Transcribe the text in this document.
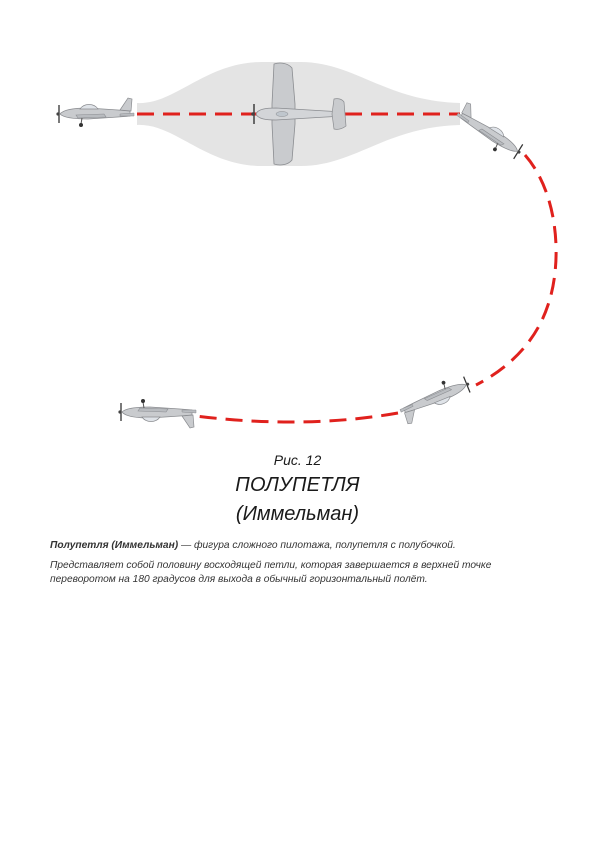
Рис. 12
ПОЛУПЕТЛЯ
(Иммельман)
Полупетля (Иммельман) — фигура сложного пилотажа, полупетля с полубочкой.
Представляет собой половину восходящей петли, которая завершается в верхней точке
переворотом на 180 градусов для выхода в обычный горизонтальный полёт.
